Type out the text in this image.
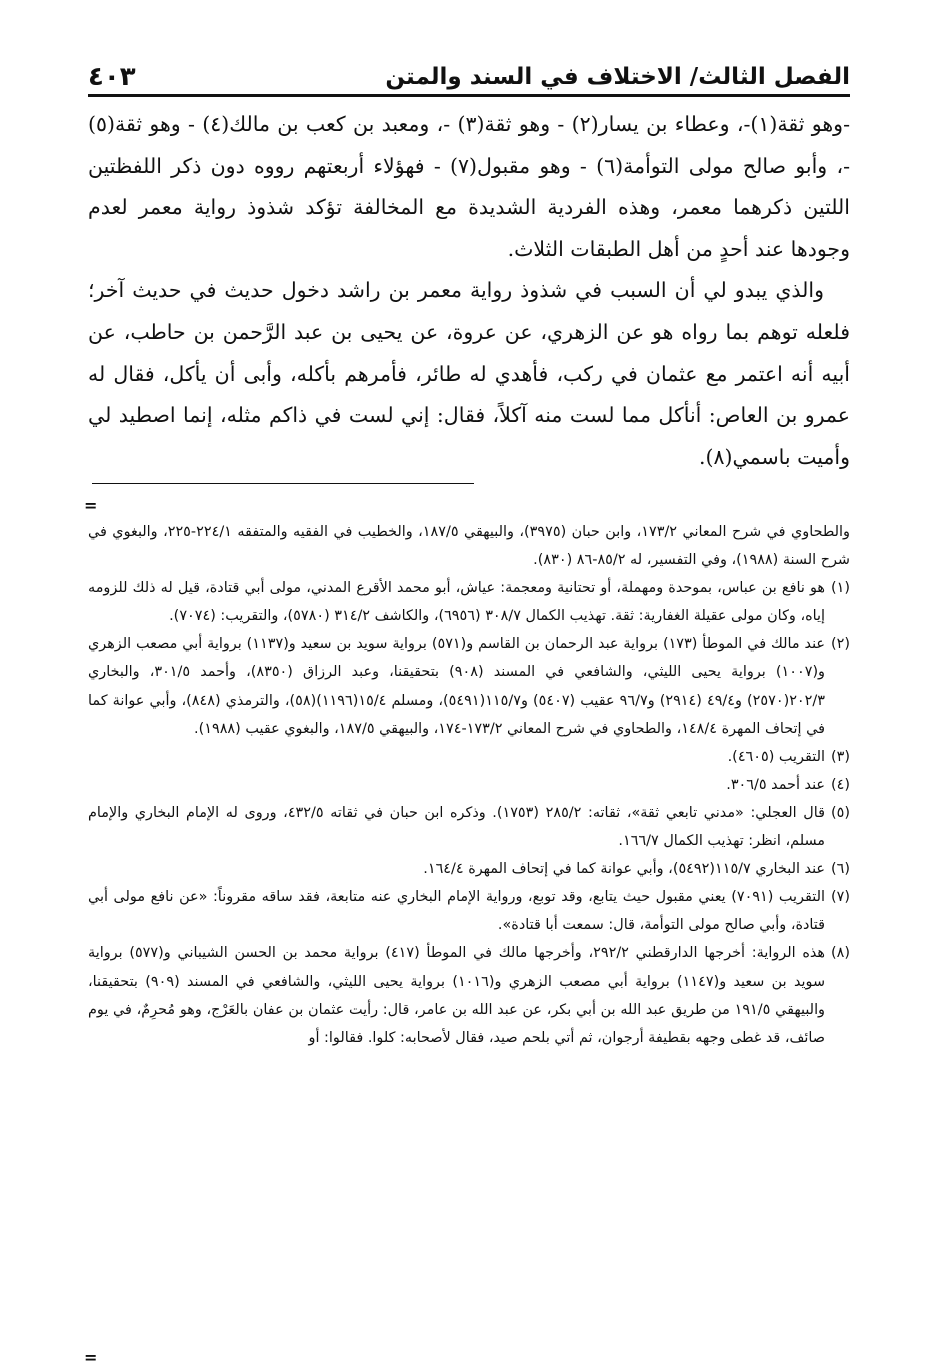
الفصل الثالث/ الاختلاف في السند والمتن
٤٠٣

-وهو ثقة(١)-، وعطاء بن يسار(٢) - وهو ثقة(٣) -، ومعبد بن كعب بن مالك(٤) - وهو ثقة(٥) -، وأبو صالح مولى التوأمة(٦) - وهو مقبول(٧) - فهؤلاء أربعتهم رووه دون ذكر اللفظتين اللتين ذكرهما معمر، وهذه الفردية الشديدة مع المخالفة تؤكد شذوذ رواية معمر لعدم وجودها عند أحدٍ من أهل الطبقات الثلاث.

والذي يبدو لي أن السبب في شذوذ رواية معمر بن راشد دخول حديث في حديث آخر؛ فلعله توهم بما رواه هو عن الزهري، عن عروة، عن يحيى بن عبد الرَّحمن بن حاطب، عن أبيه أنه اعتمر مع عثمان في ركب، فأهدي له طائر، فأمرهم بأكله، وأبى أن يأكل، فقال له عمرو بن العاص: أنأكل مما لست منه آكلاً، فقال: إني لست في ذاكم مثله، إنما اصطيد لي وأميت باسمي(٨).

=

والطحاوي في شرح المعاني ١٧٣/٢، وابن حبان (٣٩٧٥)، والبيهقي ١٨٧/٥، والخطيب في الفقيه والمتفقه ٢٢٤/١-٢٢٥، والبغوي في شرح السنة (١٩٨٨)، وفي التفسير، له ٨٥/٢-٨٦ (٨٣٠).

(١)
هو نافع بن عباس، بموحدة ومهملة، أو تحتانية ومعجمة: عياش، أبو محمد الأقرع المدني، مولى أبي قتادة، قيل له ذلك للزومه إياه، وكان مولى عقيلة الغفارية: ثقة. تهذيب الكمال ٣٠٨/٧ (٦٩٥٦)، والكاشف ٣١٤/٢ (٥٧٨٠)، والتقريب: (٧٠٧٤).
(٢)
عند مالك في الموطأ (١٧٣) برواية عبد الرحمان بن القاسم و(٥٧١) برواية سويد بن سعيد و(١١٣٧) برواية أبي مصعب الزهري و(١٠٠٧) برواية يحيى الليثي، والشافعي في المسند (٩٠٨) بتحقيقنا، وعبد الرزاق (٨٣٥٠)، وأحمد ٣٠١/٥، والبخاري ٢٠٢/٣(٢٥٧٠) و٤٩/٤ (٢٩١٤) و٩٦/٧ عقيب (٥٤٠٧) و١١٥/٧(٥٤٩١)، ومسلم ١٥/٤(١١٩٦)(٥٨)، والترمذي (٨٤٨)، وأبي عوانة كما في إتحاف المهرة ١٤٨/٤، والطحاوي في شرح المعاني ١٧٣/٢-١٧٤، والبيهقي ١٨٧/٥، والبغوي عقيب (١٩٨٨).
(٣)
التقريب (٤٦٠٥).
(٤)
عند أحمد ٣٠٦/٥.
(٥)
قال العجلي: «مدني تابعي ثقة»، ثقاته: ٢٨٥/٢ (١٧٥٣). وذكره ابن حبان في ثقاته ٤٣٢/٥، وروى له الإمام البخاري والإمام مسلم، انظر: تهذيب الكمال ١٦٦/٧.
(٦)
عند البخاري ١١٥/٧(٥٤٩٢)، وأبي عوانة كما في إتحاف المهرة ١٦٤/٤.
(٧)
التقريب (٧٠٩١) يعني مقبول حيث يتابع، وقد توبع، ورواية الإمام البخاري عنه متابعة، فقد ساقه مقروناً: «عن نافع مولى أبي قتادة، وأبي صالح مولى التوأمة، قال: سمعت أبا قتادة».
(٨)
هذه الرواية: أخرجها الدارقطني ٢٩٢/٢، وأخرجها مالك في الموطأ (٤١٧) برواية محمد بن الحسن الشيباني و(٥٧٧) برواية سويد بن سعيد و(١١٤٧) برواية أبي مصعب الزهري و(١٠١٦) برواية يحيى الليثي، والشافعي في المسند (٩٠٩) بتحقيقنا، والبيهقي ١٩١/٥ من طريق عبد الله بن أبي بكر، عن عبد الله بن عامر، قال: رأيت عثمان بن عفان بالعَرْج، وهو مُحرِمٌ، في يوم صائف، قد غطى وجهه بقطيفة أرجوان، ثم أتي بلحم صيد، فقال لأصحابه: كلوا. فقالوا: أو
=
